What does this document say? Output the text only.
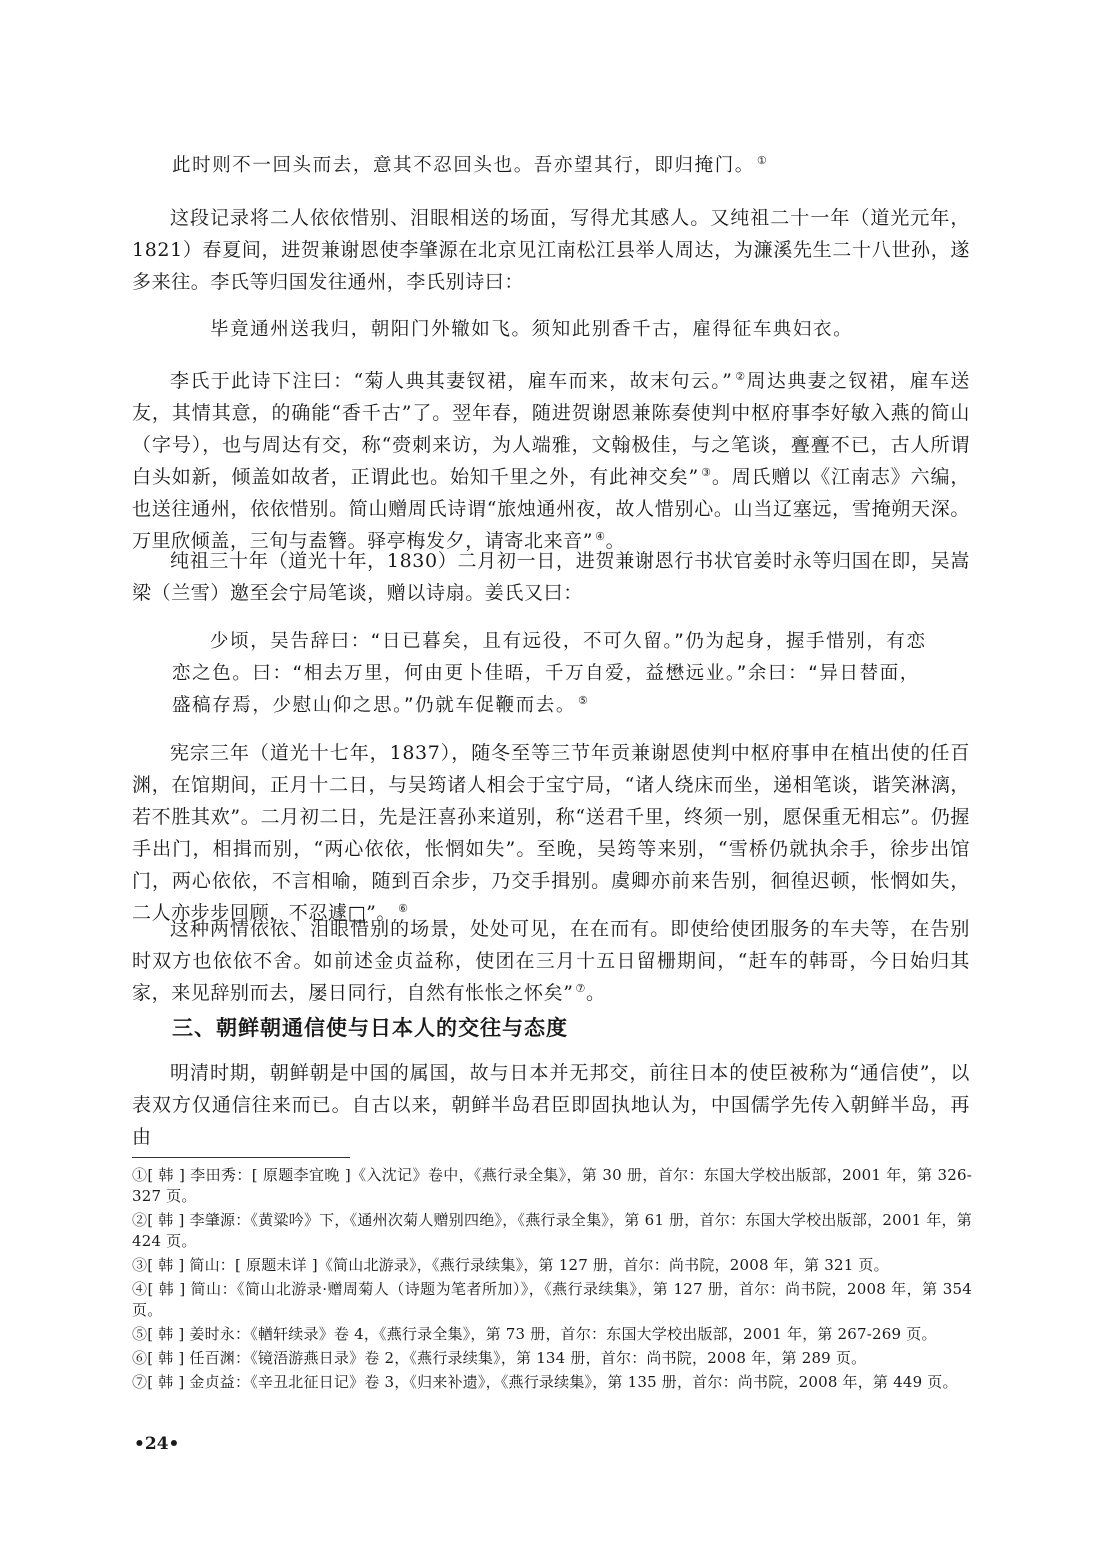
此时则不一回头而去，意其不忍回头也。吾亦望其行，即归掩门。 ①
这段记录将二人依依惜别、泪眼相送的场面，写得尤其感人。又纯祖二十一年（道光元年，1821）春夏间，进贺兼谢恩使李肇源在北京见江南松江县举人周达，为濂溪先生二十八世孙，遂多来往。李氏等归国发往通州，李氏别诗曰：
毕竟通州送我归，朝阳门外辙如飞。须知此别香千古，雇得征车典妇衣。
李氏于此诗下注曰：“菊人典其妻钗裙，雇车而来，故末句云。” ②周达典妻之钗裙，雇车送友，其情其意，的确能“香千古”了。翌年春，随进贺谢恩兼陈奏使判中枢府事李好敏入燕的简山（字号），也与周达有交，称“赍刺来访，为人端雅，文翰极佳，与之笔谈，亹亹不已，古人所谓白头如新，倾盖如故者，正谓此也。始知千里之外，有此神交矣” ③。周氏赠以《江南志》六编，也送往通州，依依惜别。简山赠周氏诗谓“旅烛通州夜，故人惜别心。山当辽塞远，雪掩朔天深。万里欣倾盖，三旬与盍簪。驿亭梅发夕，请寄北来音” ④。
纯祖三十年（道光十年，1830）二月初一日，进贺兼谢恩行书状官姜时永等归国在即，吴嵩梁（兰雪）邀至会宁局笔谈，赠以诗扇。姜氏又曰：
少顷，吴告辞曰：“日已暮矣，且有远役，不可久留。”仍为起身，握手惜别，有恋恋之色。曰：“相去万里，何由更卜佳晤，千万自爱，益懋远业。”余曰：“异日替面，盛稿存焉，少慰山仰之思。”仍就车促鞭而去。 ⑤
宪宗三年（道光十七年，1837），随冬至等三节年贡兼谢恩使判中枢府事申在植出使的任百渊，在馆期间，正月十二日，与吴筠诸人相会于宝宁局，“诸人绕床而坐，递相笔谈，谐笑淋漓，若不胜其欢”。二月初二日，先是汪喜孙来道别，称“送君千里，终须一别，愿保重无相忘”。仍握手出门，相揖而别，“两心依依，怅惘如失”。至晚，吴筠等来别，“雪桥仍就执余手，徐步出馆门，两心依依，不言相喻，随到百余步，乃交手揖别。虞卿亦前来告别，徊徨迟顿，怅惘如失，二人亦步步回顾，不忍遽□”。 ⑥
这种两情依依、泪眼惜别的场景，处处可见，在在而有。即使给使团服务的车夫等，在告别时双方也依依不舍。如前述金贞益称，使团在三月十五日留栅期间，“赶车的韩哥，今日始归其家，来见辞别而去，屡日同行，自然有怅怅之怀矣” ⑦。
三、朝鲜朝通信使与日本人的交往与态度
明清时期，朝鲜朝是中国的属国，故与日本并无邦交，前往日本的使臣被称为“通信使”，以表双方仅通信往来而已。自古以来，朝鲜半岛君臣即固执地认为，中国儒学先传入朝鲜半岛，再由
①[ 韩 ] 李田秀：[ 原题李宜晚 ]《入沈记》卷中，《燕行录全集》，第 30 册，首尔：东国大学校出版部，2001 年，第 326-327 页。
②[ 韩 ] 李肇源：《黄粱吟》下，《通州次菊人赠别四绝》，《燕行录全集》，第 61 册，首尔：东国大学校出版部，2001 年，第 424 页。
③[ 韩 ] 简山：[ 原题未详 ]《简山北游录》，《燕行录续集》，第 127 册，首尔：尚书院，2008 年，第 321 页。
④[ 韩 ] 简山：《简山北游录·赠周菊人（诗题为笔者所加）》，《燕行录续集》，第 127 册，首尔：尚书院，2008 年，第 354 页。
⑤[ 韩 ] 姜时永：《輶轩续录》卷 4，《燕行录全集》，第 73 册，首尔：东国大学校出版部，2001 年，第 267-269 页。
⑥[ 韩 ] 任百渊：《镜浯游燕日录》卷 2，《燕行录续集》，第 134 册，首尔：尚书院，2008 年，第 289 页。
⑦[ 韩 ] 金贞益：《辛丑北征日记》卷 3，《归来补遗》，《燕行录续集》，第 135 册，首尔：尚书院，2008 年，第 449 页。
•24•
